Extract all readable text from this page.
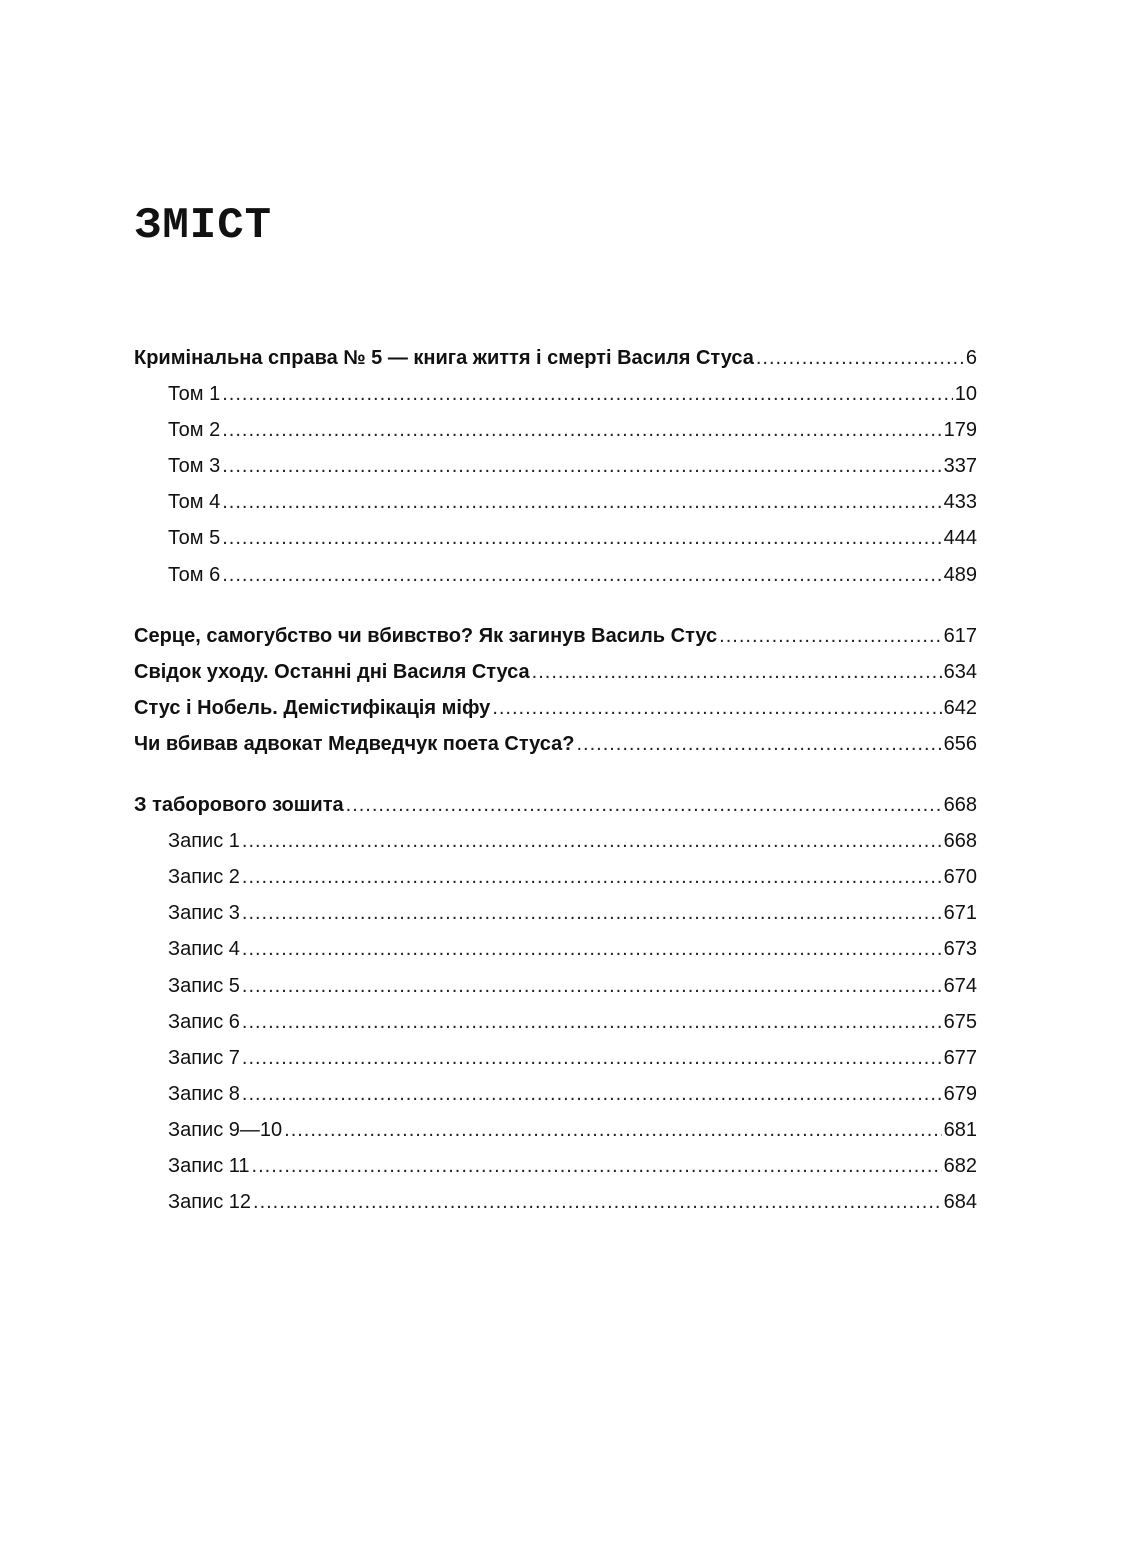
ЗМІСТ
Кримінальна справа № 5 — книга життя і смерті Василя Стуса .....	6
Том 1 .....	10
Том 2 .....	179
Том 3 .....	337
Том 4 .....	433
Том 5 .....	444
Том 6 .....	489
Серце, самогубство чи вбивство? Як загинув Василь Стус .....	617
Свідок уходу. Останні дні Василя Стуса .....	634
Стус і Нобель. Демістифікація міфу .....	642
Чи вбивав адвокат Медведчук поета Стуса? .....	656
З таборового зошита .....	668
Запис 1 .....	668
Запис 2 .....	670
Запис 3 .....	671
Запис 4 .....	673
Запис 5 .....	674
Запис 6 .....	675
Запис 7 .....	677
Запис 8 .....	679
Запис 9—10 .....	681
Запис 11 .....	682
Запис 12 .....	684
